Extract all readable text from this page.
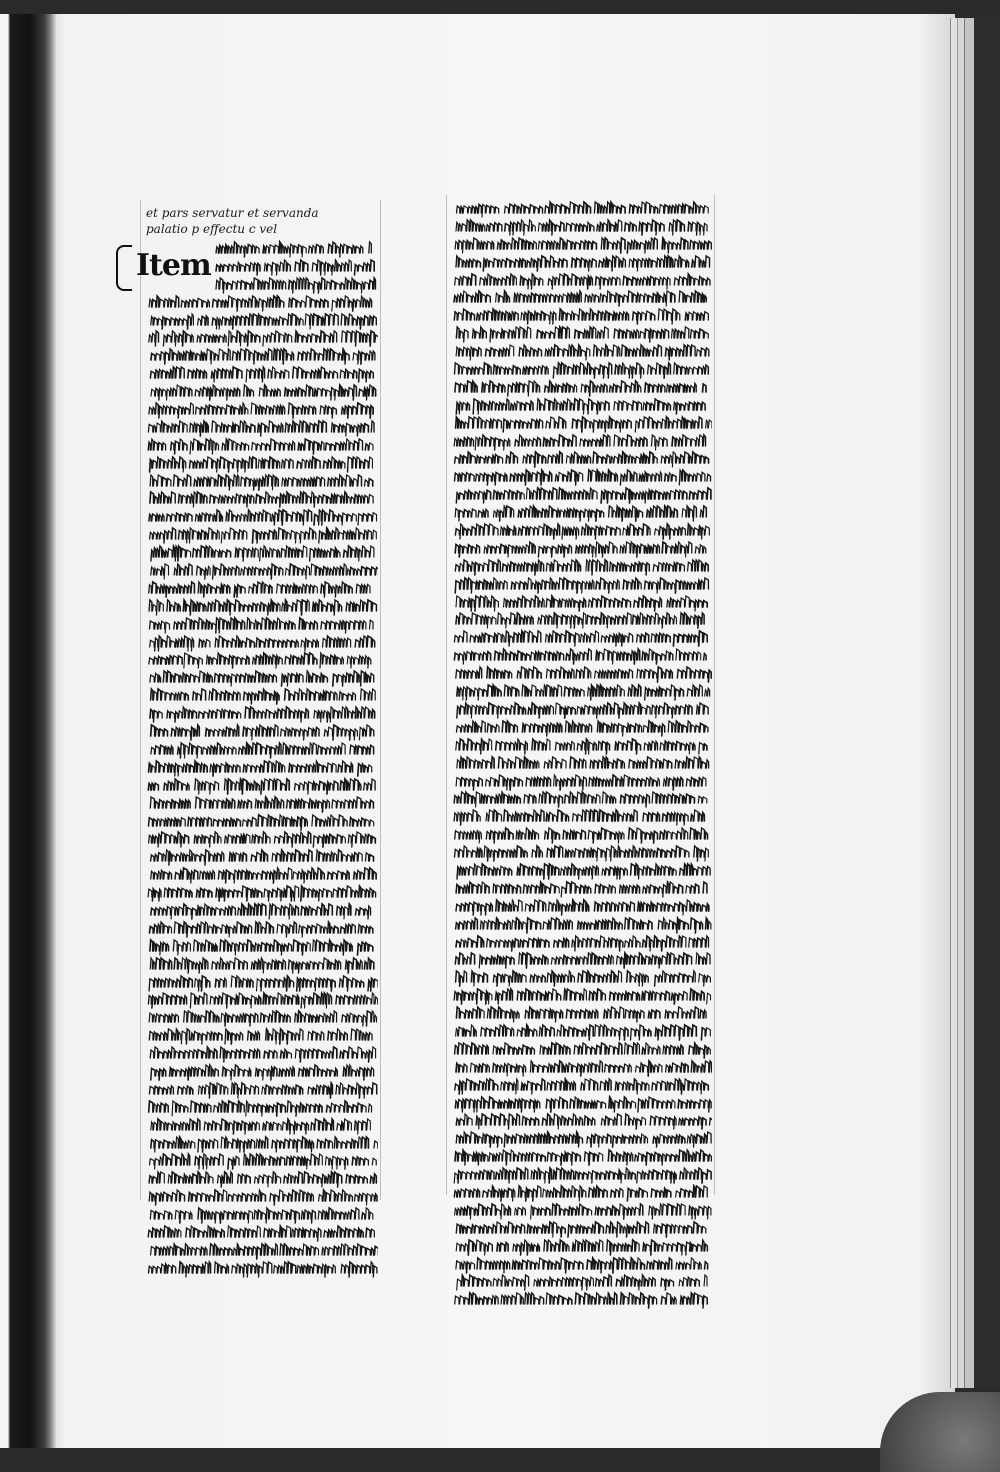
et pars servatur et servanda
palatio p effectu c vel
Item
